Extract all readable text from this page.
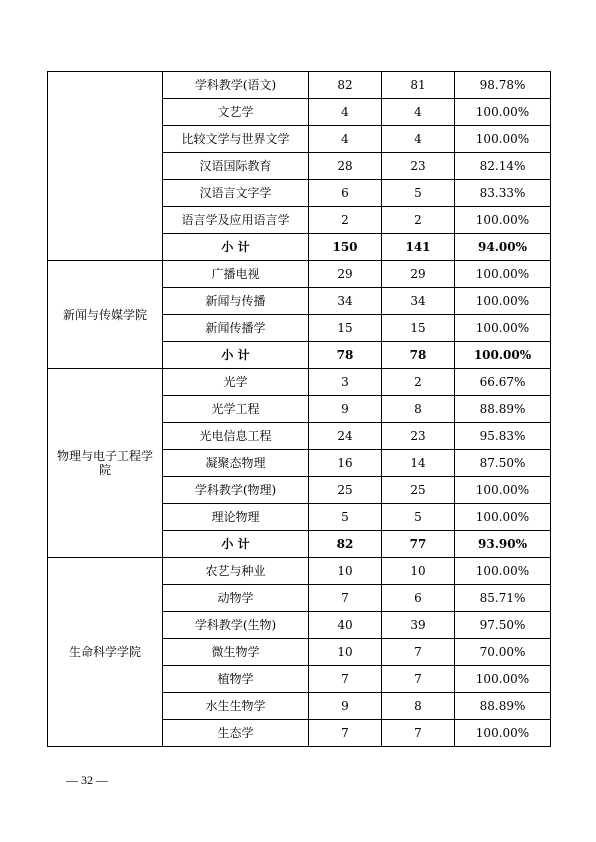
	学科教学(语文)	82	81	98.78%
	文艺学	4	4	100.00%
	比较文学与世界文学	4	4	100.00%
	汉语国际教育	28	23	82.14%
	汉语言文字学	6	5	83.33%
	语言学及应用语言学	2	2	100.00%
	小 计	150	141	94.00%
新闻与传媒学院	广播电视	29	29	100.00%
	新闻与传播	34	34	100.00%
	新闻传播学	15	15	100.00%
	小 计	78	78	100.00%
物理与电子工程学院	光学	3	2	66.67%
	光学工程	9	8	88.89%
	光电信息工程	24	23	95.83%
	凝聚态物理	16	14	87.50%
	学科教学(物理)	25	25	100.00%
	理论物理	5	5	100.00%
	小 计	82	77	93.90%
生命科学学院	农艺与种业	10	10	100.00%
	动物学	7	6	85.71%
	学科教学(生物)	40	39	97.50%
	微生物学	10	7	70.00%
	植物学	7	7	100.00%
	水生生物学	9	8	88.89%
	生态学	7	7	100.00%
— 32 —
